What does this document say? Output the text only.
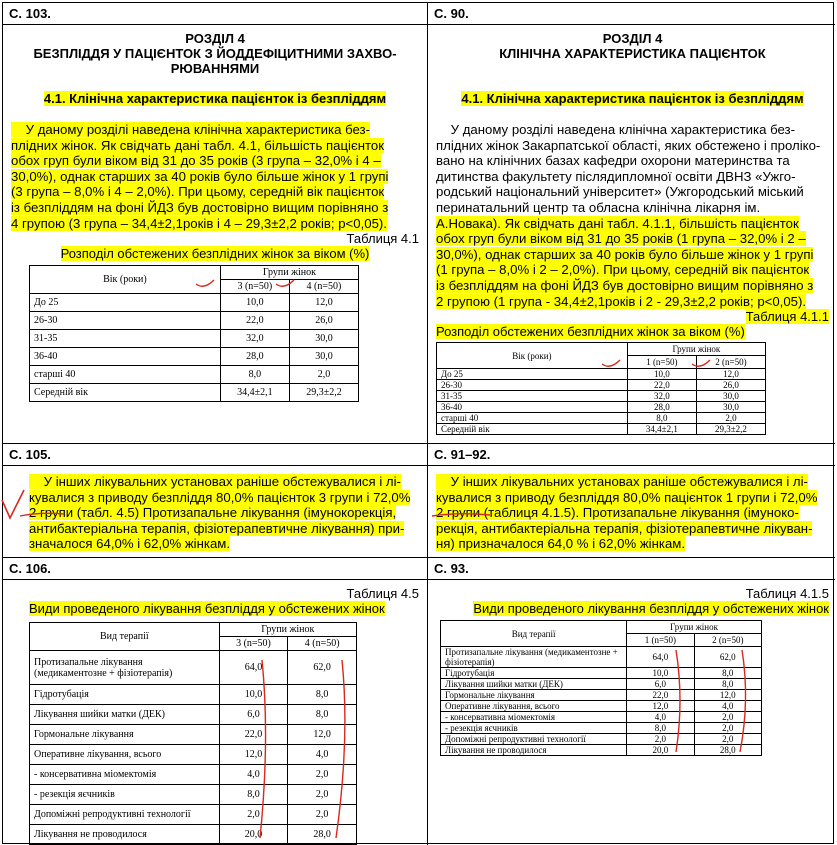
С. 103.
РОЗДІЛ 4
БЕЗПЛІДДЯ У ПАЦІЄНТОК З ЙОДДЕФІЦИТНИМИ ЗАХВО-
РЮВАННЯМИ
4.1. Клінічна характеристика пацієнток із безпліддям
У даному розділі наведена клінічна характеристика без-
плідних жінок. Як свідчать дані табл. 4.1, більшість пацієнток
обох груп були віком від 31 до 35 років (3 група – 32,0% і 4 –
30,0%), однак старших за 40 років було більше жінок у 1 групі
(3 група – 8,0% і 4 – 2,0%). При цьому, середній вік пацієнток
із безпліддям на фоні ЙДЗ був достовірно вищим порівняно з
4 групою (3 група – 34,4±2,1років і 4 – 29,3±2,2 років; p<0,05).
Таблиця 4.1
Розподіл обстежених безплідних жінок за віком (%)
Вік (роки)	Групи жінок	
	3 (n=50)	4 (n=50)
До 25	10,0	12,0
26-30	22,0	26,0
31-35	32,0	30,0
36-40	28,0	30,0
старші 40	8,0	2,0
Середній вік	34,4±2,1	29,3±2,2
С. 90.
РОЗДІЛ 4
КЛІНІЧНА ХАРАКТЕРИСТИКА ПАЦІЄНТОК
4.1. Клінічна характеристика пацієнток із безпліддям
У даному розділі наведена клінічна характеристика без-
плідних жінок Закарпатської області, яких обстежено і проліко-
вано на клінічних базах кафедри охорони материнства та
дитинства факультету післядипломної освіти ДВНЗ «Ужго-
родський національний університет» (Ужгородський міський
перинатальний центр та обласна клінічна лікарня ім.
А.Новака). Як свідчать дані табл. 4.1.1, більшість пацієнток
обох груп були віком від 31 до 35 років (1 група – 32,0% і 2 –
30,0%), однак старших за 40 років було більше жінок у 1 групі
(1 група – 8,0% і 2 – 2,0%). При цьому, середній вік пацієнток
із безпліддям на фоні ЙДЗ був достовірно вищим порівняно з
2 групою (1 група - 34,4±2,1років і 2 - 29,3±2,2 років; p<0,05).
Таблиця 4.1.1
Розподіл обстежених безплідних жінок за віком (%)
Вік (роки)	Групи жінок	
	1 (n=50)	2 (n=50)
До 25	10,0	12,0
26-30	22,0	26,0
31-35	32,0	30,0
36-40	28,0	30,0
старші 40	8,0	2,0
Середній вік	34,4±2,1	29,3±2,2
С. 105.
У інших лікувальних установах раніше обстежувалися і лі-
кувалися з приводу безпліддя 80,0% пацієнток 3 групи і 72,0%
2 групи (табл. 4.5) Протизапальне лікування (імунокорекція,
антибактеріальна терапія, фізіотерапевтичне лікування) при-
значалося 64,0% і 62,0% жінкам.
С. 91–92.
У інших лікувальних установах раніше обстежувалися і лі-
кувалися з приводу безпліддя 80,0% пацієнток 1 групи і 72,0%
2 групи (таблиця 4.1.5). Протизапальне лікування (імуноко-
рекція, антибактеріальна терапія, фізіотерапевтичне лікуван-
ня) призначалося 64,0 % і 62,0% жінкам.
С. 106.
Таблиця 4.5
Види проведеного лікування безпліддя у обстежених жінок
Вид терапії	Групи жінок	
	3 (n=50)	4 (n=50)
Протизапальне лікування (медикаментозне + фізіотерапія)	64,0	62,0
Гідротубація	10,0	8,0
Лікування шийки матки (ДЕК)	6,0	8,0
Гормональне лікування	22,0	12,0
Оперативне лікування, всього	12,0	4,0
- консервативна міомектомія	4,0	2,0
- резекція яєчників	8,0	2,0
Допоміжні репродуктивні технології	2,0	2,0
Лікування не проводилося	20,0	28,0
С. 93.
Таблиця 4.1.5
Види проведеного лікування безпліддя у обстежених жінок
Вид терапії	Групи жінок	
	1 (n=50)	2 (n=50)
Протизапальне лікування (медикаментозне + фізіотерапія)	64,0	62,0
Гідротубація	10,0	8,0
Лікування шийки матки (ДЕК)	6,0	8,0
Гормональне лікування	22,0	12,0
Оперативне лікування, всього	12,0	4,0
- консервативна міомектомія	4,0	2,0
- резекція яєчників	8,0	2,0
Допоміжні репродуктивні технології	2,0	2,0
Лікування не проводилося	20,0	28,0
